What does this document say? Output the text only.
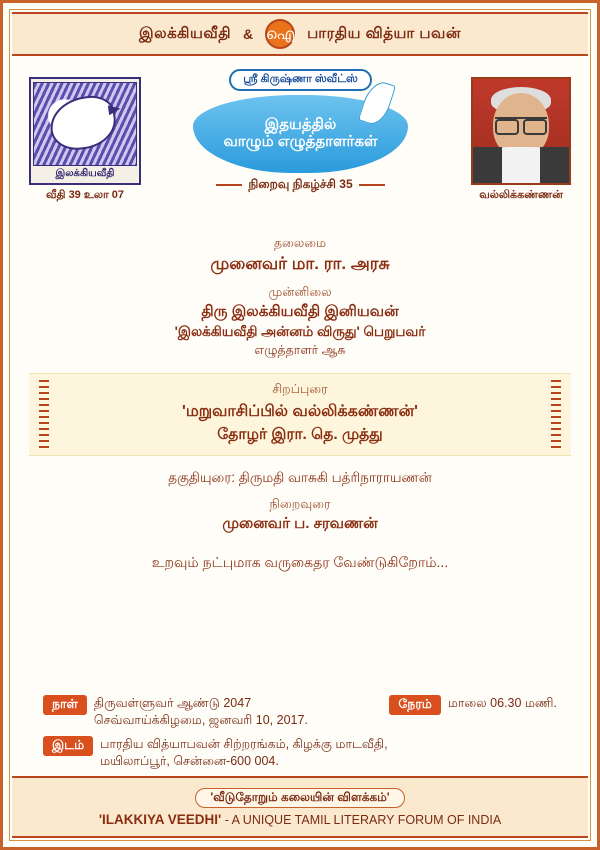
இலக்கியவீதி & ഐ பாரதிய வித்யா பவன்
இலக்கியவீதி
வீதி 39 உலா 07
ஸ்ரீ கிருஷ்ணா ஸ்வீட்ஸ்
இதயத்தில்
வாழும் எழுத்தாளர்கள்
நிறைவு நிகழ்ச்சி 35
வல்லிக்கண்ணன்
தலைமை
முனைவர் மா. ரா. அரசு
முன்னிலை
திரு இலக்கியவீதி இனியவன்
'இலக்கியவீதி அன்னம் விருது' பெறுபவர்
எழுத்தாளர் ஆசு
சிறப்புரை
'மறுவாசிப்பில் வல்லிக்கண்ணன்'
தோழர் இரா. தெ. முத்து
தகுதியுரை: திருமதி வாசுகி பத்ரிநாராயணன்
நிறைவுரை
முனைவர் ப. சரவணன்
உறவும் நட்புமாக வருகைதர வேண்டுகிறோம்...
நாள்	திருவள்ளுவர் ஆண்டு 2047
செவ்வாய்க்கிழமை, ஜனவரி 10, 2017.
நேரம்	மாலை 06.30 மணி.
இடம்	பாரதிய வித்யாபவன் சிற்றரங்கம், கிழக்கு மாடவீதி,
மயிலாப்பூர், சென்னை-600 004.
'வீடுதோறும் கலையின் விளக்கம்'
'ILAKKIYA VEEDHI' - A UNIQUE TAMIL LITERARY FORUM OF INDIA
